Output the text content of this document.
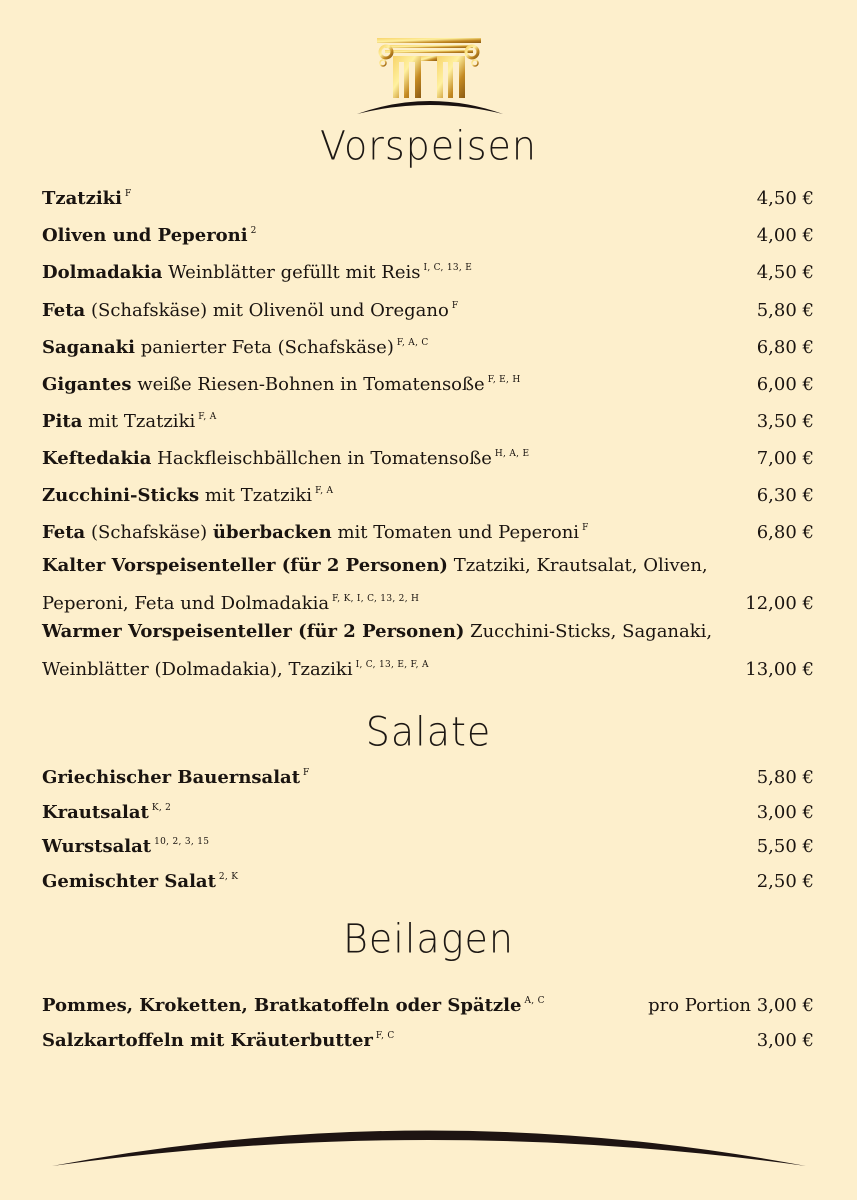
Vorspeisen
Tzatziki $^F$	4,50 €
Oliven und Peperoni $^2$	4,00 €
Dolmadakia Weinblätter gefüllt mit Reis $^{I, C, 13, E}$	4,50 €
Feta (Schafskäse) mit Olivenöl und Oregano $^F$	5,80 €
Saganaki panierter Feta (Schafskäse) $^{F, A, C}$	6,80 €
Gigantes weiße Riesen-Bohnen in Tomatensoße $^{F, E, H}$	6,00 €
Pita mit Tzatziki $^{F, A}$	3,50 €
Keftedakia Hackfleischbällchen in Tomatensoße $^{H, A, E}$	7,00 €
Zucchini-Sticks mit Tzatziki $^{F, A}$	6,30 €
Feta (Schafskäse) überbacken mit Tomaten und Peperoni $^F$	6,80 €
Kalter Vorspeisenteller (für 2 Personen) Tzatziki, Krautsalat, Oliven, Peperoni, Feta und Dolmadakia $^{F, K, I, C, 13, 2, H}$	12,00 €
Warmer Vorspeisenteller (für 2 Personen) Zucchini-Sticks, Saganaki, Weinblätter (Dolmadakia), Tzaziki $^{I, C, 13, E, F, A}$	13,00 €
Salate
Griechischer Bauernsalat $^F$	5,80 €
Krautsalat $^{K, 2}$	3,00 €
Wurstsalat $^{10, 2, 3, 15}$	5,50 €
Gemischter Salat $^{2, K}$	2,50 €
Beilagen
Pommes, Kroketten, Bratkatoffeln oder Spätzle $^{A, C}$	pro Portion 3,00 €
Salzkartoffeln mit Kräuterbutter $^{F, C}$	3,00 €
